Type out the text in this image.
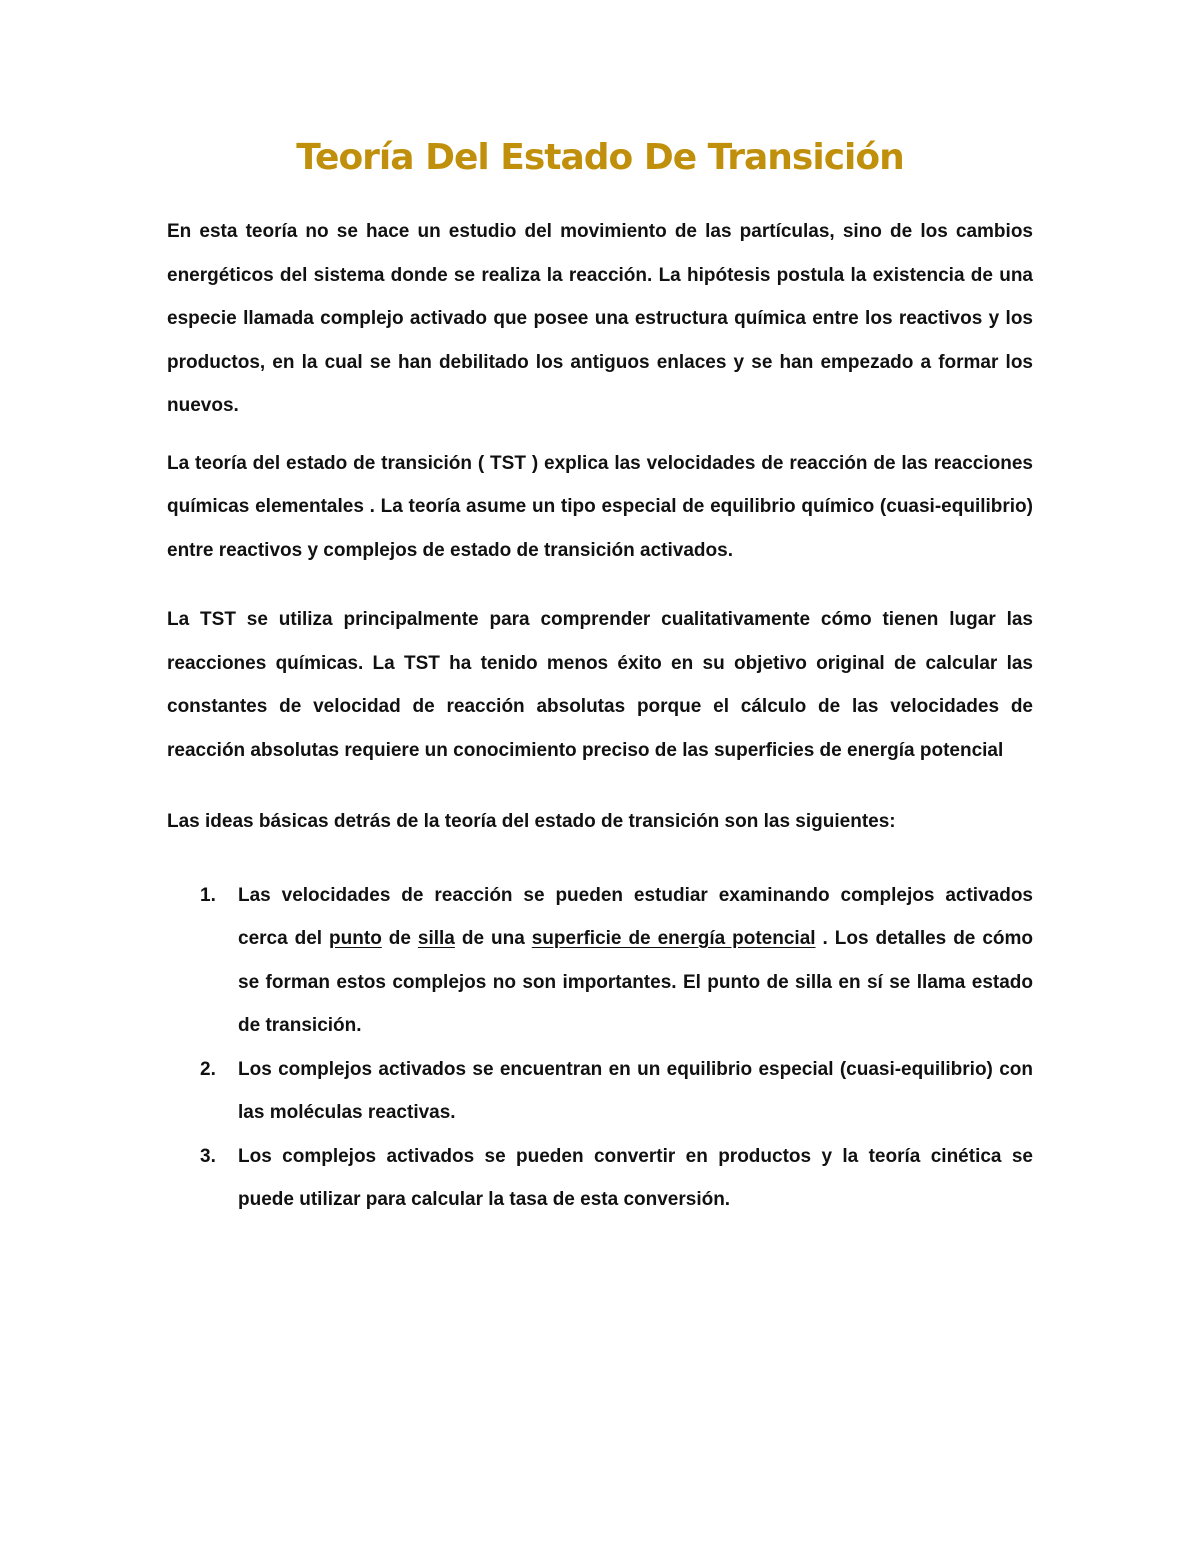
Teoría Del Estado De Transición

En esta teoría no se hace un estudio del movimiento de las partículas, sino de los cambios energéticos del sistema donde se realiza la reacción. La hipótesis postula la existencia de una especie llamada complejo activado que posee una estructura química entre los reactivos y los productos, en la cual se han debilitado los antiguos enlaces y se han empezado a formar los nuevos.

La teoría del estado de transición ( TST ) explica las velocidades de reacción de las reacciones químicas elementales . La teoría asume un tipo especial de equilibrio químico (cuasi-equilibrio) entre reactivos y complejos de estado de transición activados.

La TST se utiliza principalmente para comprender cualitativamente cómo tienen lugar las reacciones químicas. La TST ha tenido menos éxito en su objetivo original de calcular las constantes de velocidad de reacción absolutas porque el cálculo de las velocidades de reacción absolutas requiere un conocimiento preciso de las superficies de energía potencial

Las ideas básicas detrás de la teoría del estado de transición son las siguientes:

1. Las velocidades de reacción se pueden estudiar examinando complejos activados cerca del punto de silla de una superficie de energía potencial . Los detalles de cómo se forman estos complejos no son importantes. El punto de silla en sí se llama estado de transición.
2. Los complejos activados se encuentran en un equilibrio especial (cuasi-equilibrio) con las moléculas reactivas.
3. Los complejos activados se pueden convertir en productos y la teoría cinética se puede utilizar para calcular la tasa de esta conversión.
